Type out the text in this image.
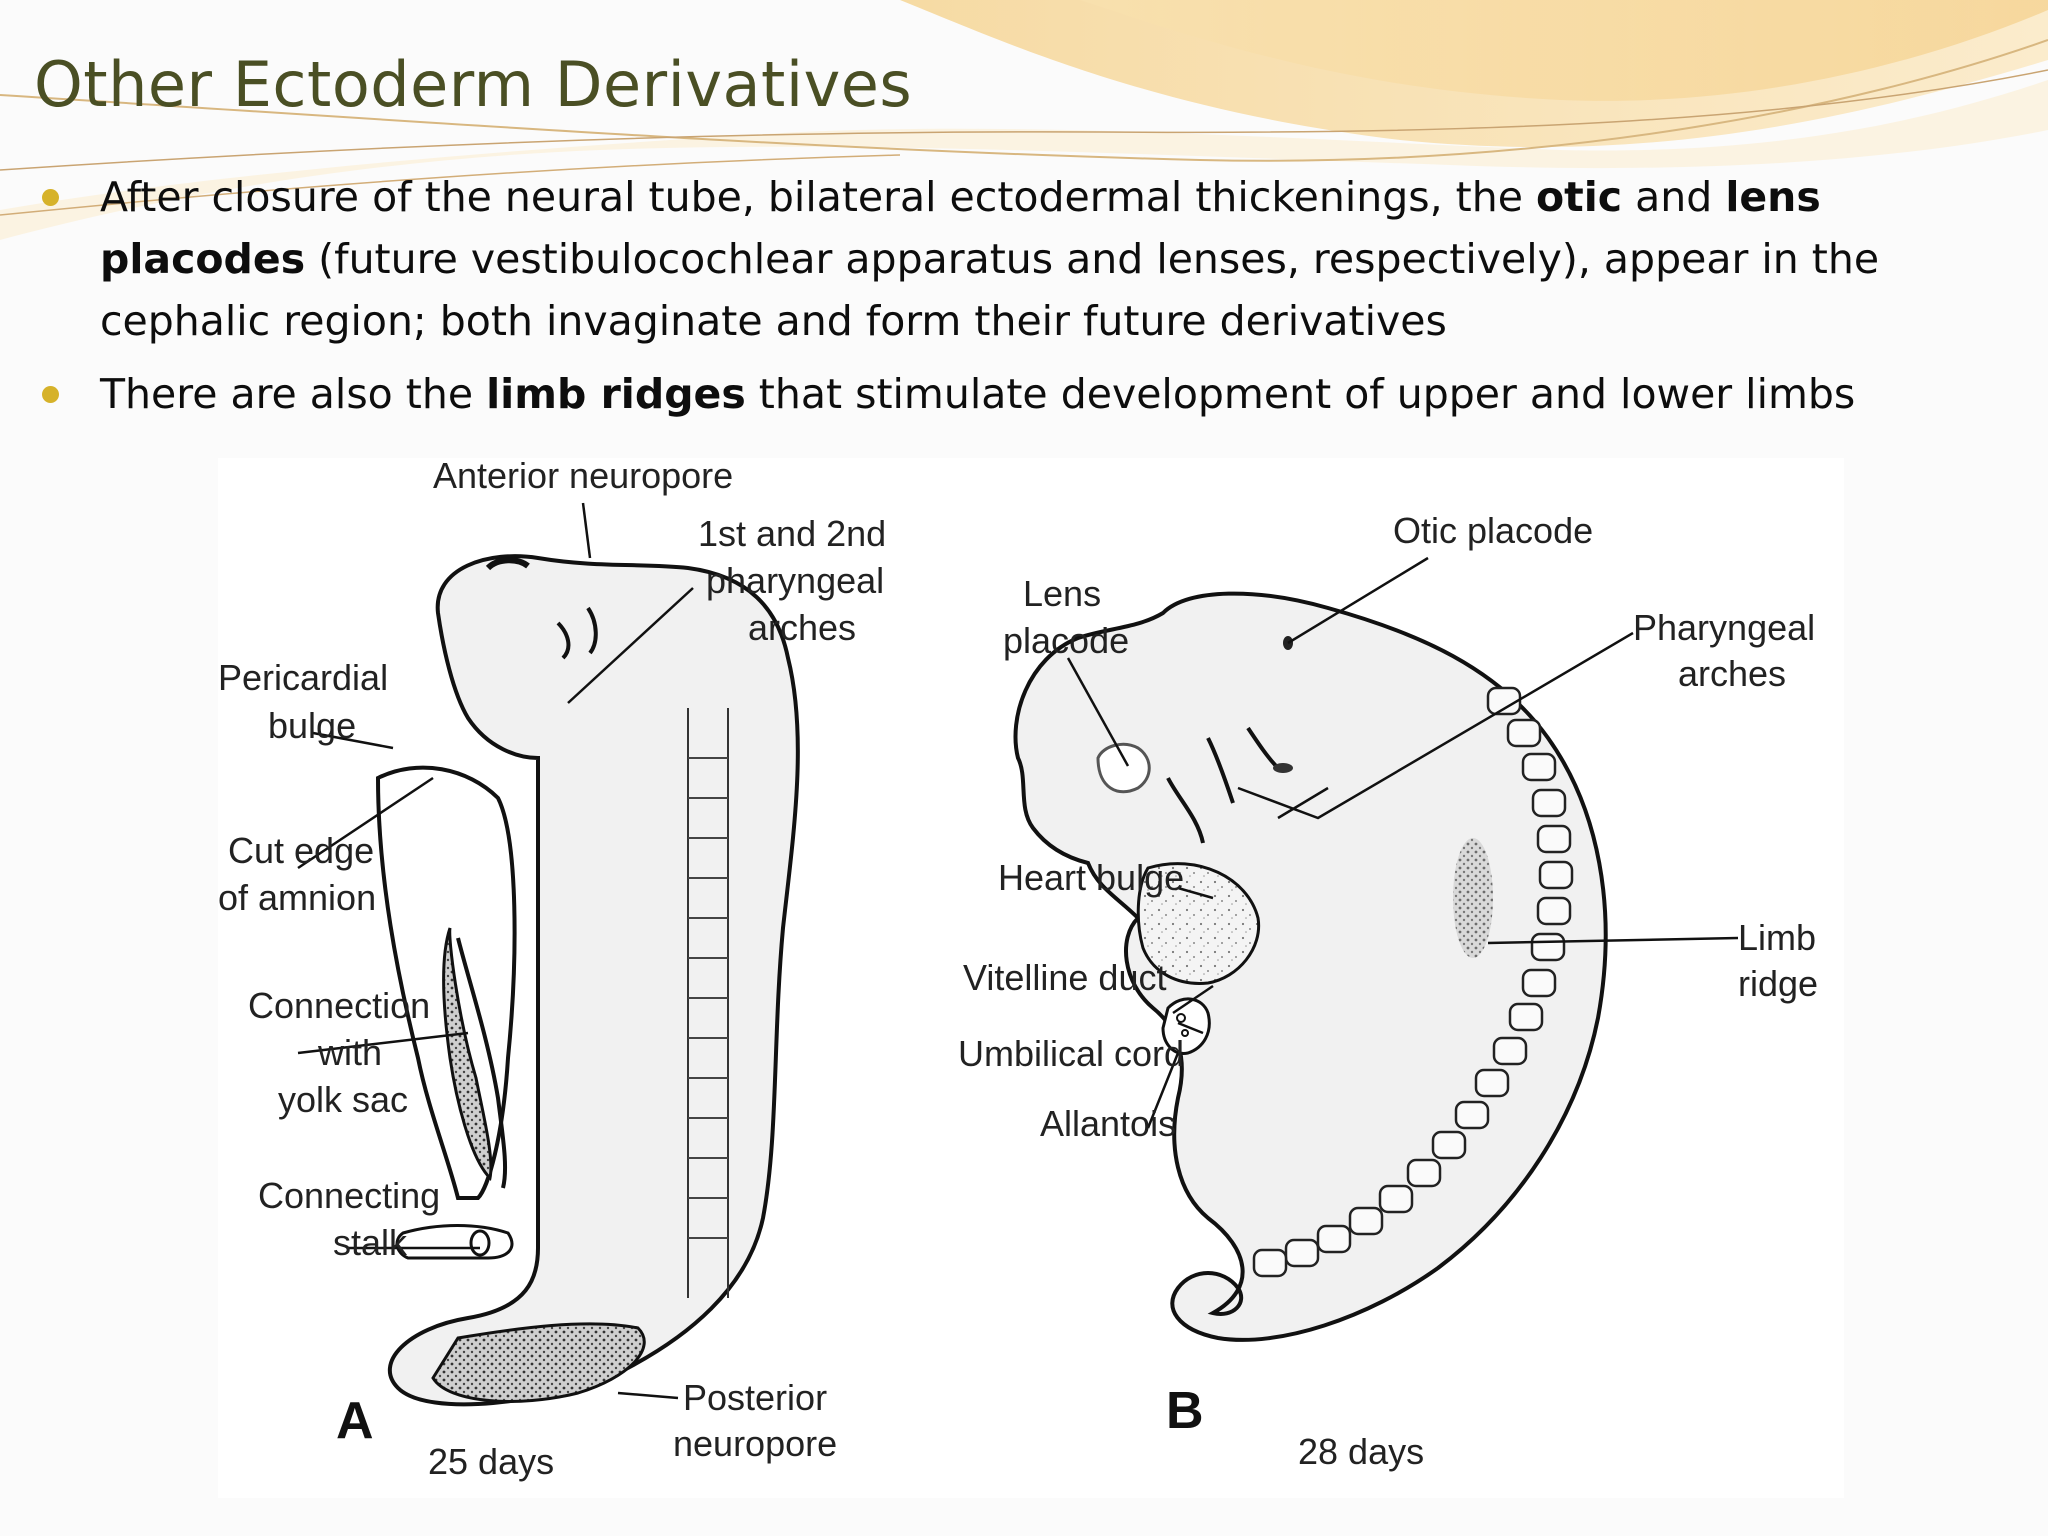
Other Ectoderm Derivatives
After closure of the neural tube, bilateral ectodermal thickenings, the otic and lens placodes (future vestibulocochlear apparatus and lenses, respectively), appear in the cephalic region; both invaginate and form their future derivatives
There are also the limb ridges that stimulate development of upper and lower limbs
Anterior neuropore
1st and 2nd
pharyngeal
arches
Pericardial
bulge
Cut edge
of amnion
Connection
with
yolk sac
Connecting
stalk
Posterior
neuropore
A
25 days
Otic placode
Lens
placode	Pharyngeal
arches
Heart bulge
Limb
ridge
Vitelline duct
Umbilical cord
Allantois
B
28 days
